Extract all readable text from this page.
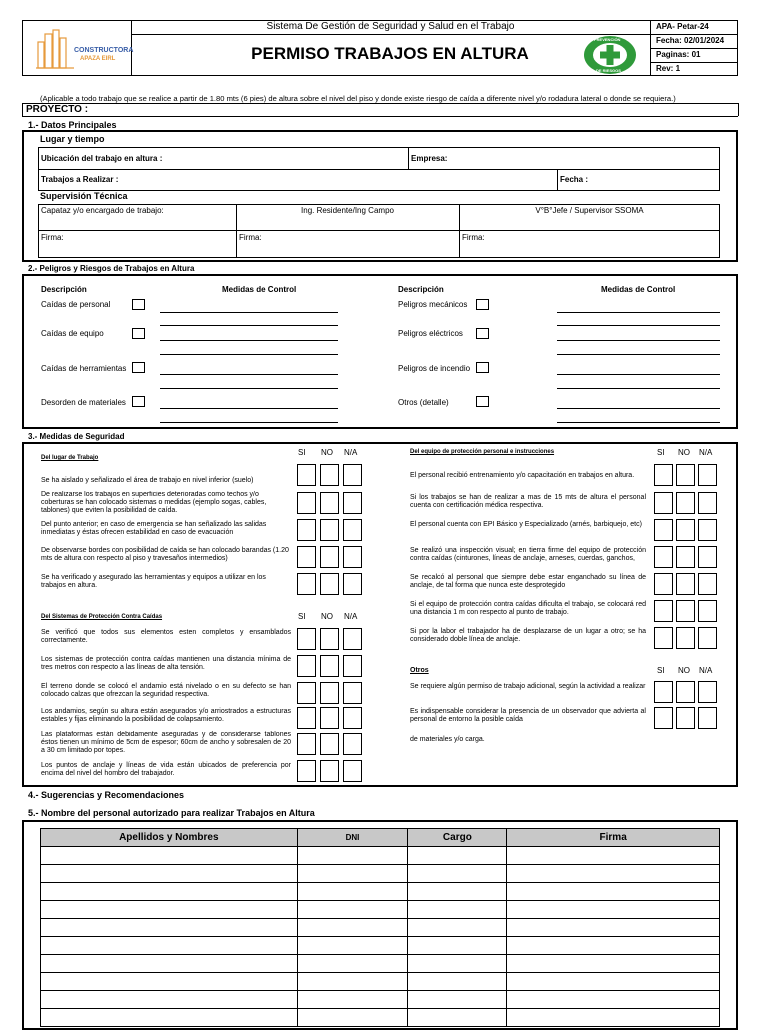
CONSTRUCTORA
APAZA EIRL
Sistema De Gestión de Seguridad y Salud en el Trabajo
PERMISO TRABAJOS EN ALTURA
PREVENCIÓN
DE RIESGOS
APA- Petar-24
Fecha: 02/01/2024
Paginas: 01
Rev: 1
(Aplicable a todo trabajo que se realice a partir de 1.80 mts (6 pies) de altura sobre el nivel del piso y donde existe riesgo de caída a diferente nivel y/o rodadura lateral o donde se requiera.)
PROYECTO :
1.- Datos Principales
Lugar y tiempo
Ubicación del trabajo en altura :	Empresa:
Trabajos a Realizar :	Fecha :
Supervisión Técnica
Capataz y/o encargado de trabajo:	Ing. Residente/Ing Campo	V°B°Jefe / Supervisor SSOMA
Firma:	Firma:	Firma:
2.- Peligros y Riesgos de Trabajos en Altura
Descripción	Medidas de Control	Descripción	Medidas de Control
Caídas de personal
Caídas de equipo
Caídas de herramientas
Desorden de materiales
Peligros mecánicos
Peligros eléctricos
Peligros de incendio
Otros (detalle)
3.- Medidas de Seguridad
Del lugar de Trabajo
SI NO N/A
Se ha aislado y señalizado el área de trabajo en nivel inferior (suelo)
De realizarse los trabajos en superficies deterioradas como techos y/o coberturas se han colocado sistemas o medidas (ejemplo sogas, cables, tablones) que eviten la posibilidad de caída.
Del punto anterior; en caso de emergencia se han señalizado las salidas inmediatas y éstas ofrecen estabilidad en caso de evacuación
De observarse bordes con posibilidad de caída se han colocado barandas (1.20 mts de altura con respecto al piso y travesaños intermedios)
Se ha verificado y asegurado las herramientas y equipos a utilizar en los trabajos en altura.
Del Sistemas de Protección Contra Caídas	SI NO N/A
Se verificó que todos sus elementos esten completos y ensamblados correctamente.
Los sistemas de protección contra caídas mantienen una distancia mínima de tres metros con respecto a las líneas de alta tensión.
El terreno donde se colocó el andamio está nivelado o en su defecto se han colocado calzas que ofrezcan la seguridad respectiva.
Los andamios, según su altura están asegurados y/o arriostrados a estructuras estables y fijas eliminando la posibilidad de colapsamiento.
Las plataformas están debidamente aseguradas y de considerarse tablones éstos tienen un mínimo de 5cm de espesor; 60cm de ancho y sobresalen de 20 a 30 cm limitado por topes.
Los puntos de anclaje y líneas de vida están ubicados de preferencia por encima del nivel del hombro del trabajador.
Del equipo de protección personal e instrucciones	SI NO N/A
El personal recibió entrenamiento y/o capacitación en trabajos en altura.
Si los trabajos se han de realizar a mas de 15 mts de altura el personal cuenta con certificación médica respectiva.
El personal cuenta con EPI Básico y Especializado (arnés, barbiquejo, etc)
Se realizó una inspección visual; en tierra firme del equipo de protección contra caídas (cinturones, líneas de anclaje, arneses, cuerdas, ganchos,
Se recalcó al personal que siempre debe estar enganchado su línea de anclaje, de tal forma que nunca este desprotegido
Si el equipo de protección contra caídas dificulta el trabajo, se colocará red una distancia 1 m con respecto al punto de trabajo.
Si por la labor el trabajador ha de desplazarse de un lugar a otro; se ha considerado doble línea de anclaje.
Otros	SI NO N/A
Se requiere algún permiso de trabajo adicional, según la actividad a realizar
Es indispensable considerar la presencia de un observador que advierta al personal de entorno la posible caída
de materiales y/o carga.
4.- Sugerencias y Recomendaciones
5.- Nombre del personal autorizado para realizar Trabajos en Altura
Apellidos y Nombres	DNI	Cargo	Firma
